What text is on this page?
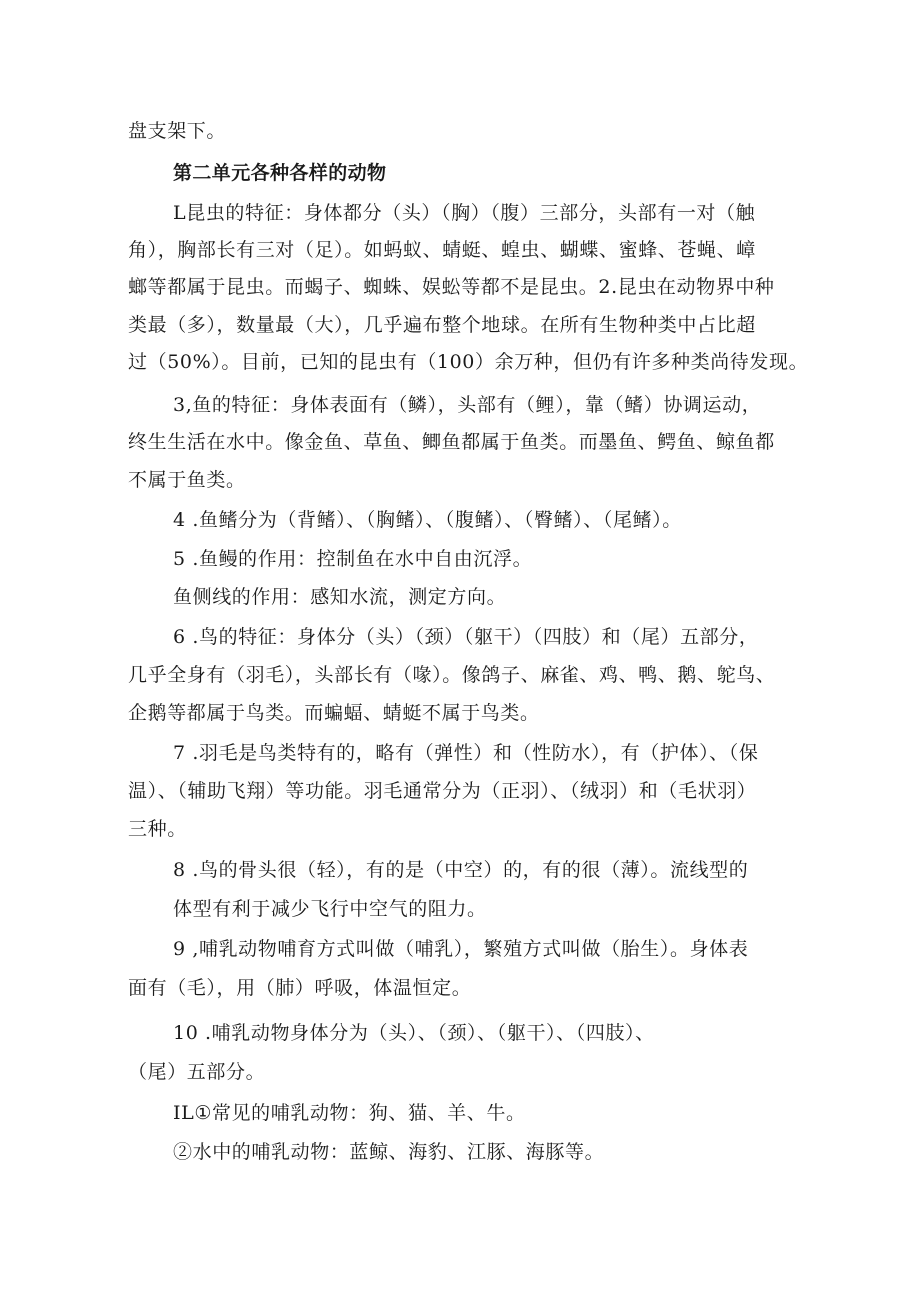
盘支架下。
第二单元各种各样的动物
L昆虫的特征：身体都分（头）（胸）（腹）三部分，头部有一对（触
角），胸部长有三对（足）。如蚂蚁、蜻蜓、蝗虫、蝴蝶、蜜蜂、苍蝇、嶂
螂等都属于昆虫。而蝎子、蜘蛛、娱蚣等都不是昆虫。2.昆虫在动物界中种
类最（多），数量最（大），几乎遍布整个地球。在所有生物种类中占比超
过（50%）。目前，已知的昆虫有（100）余万种，但仍有许多种类尚待发现。
3,鱼的特征：身体表面有（鳞），头部有（鲤），靠（鳍）协调运动，
终生生活在水中。像金鱼、草鱼、鲫鱼都属于鱼类。而墨鱼、鳄鱼、鲸鱼都
不属于鱼类。
4 .鱼鳍分为（背鳍）、（胸鳍）、（腹鳍）、（臀鳍）、（尾鳍）。
5 .鱼鳗的作用：控制鱼在水中自由沉浮。
鱼侧线的作用：感知水流，测定方向。
6 .鸟的特征：身体分（头）（颈）（躯干）（四肢）和（尾）五部分，
几乎全身有（羽毛），头部长有（喙）。像鸽子、麻雀、鸡、鸭、鹅、鸵鸟、
企鹅等都属于鸟类。而蝙蝠、蜻蜓不属于鸟类。
7 .羽毛是鸟类特有的，略有（弹性）和（性防水），有（护体）、（保
温）、（辅助飞翔）等功能。羽毛通常分为（正羽）、（绒羽）和（毛状羽）
三种。
8 .鸟的骨头很（轻），有的是（中空）的，有的很（薄）。流线型的
体型有利于减少飞行中空气的阻力。
9 ,哺乳动物哺育方式叫做（哺乳），繁殖方式叫做（胎生）。身体表
面有（毛），用（肺）呼吸，体温恒定。
10 .哺乳动物身体分为（头）、（颈）、（躯干）、（四肢）、
（尾）五部分。
IL①常见的哺乳动物：狗、猫、羊、牛。
②水中的哺乳动物：蓝鲸、海豹、江豚、海豚等。
